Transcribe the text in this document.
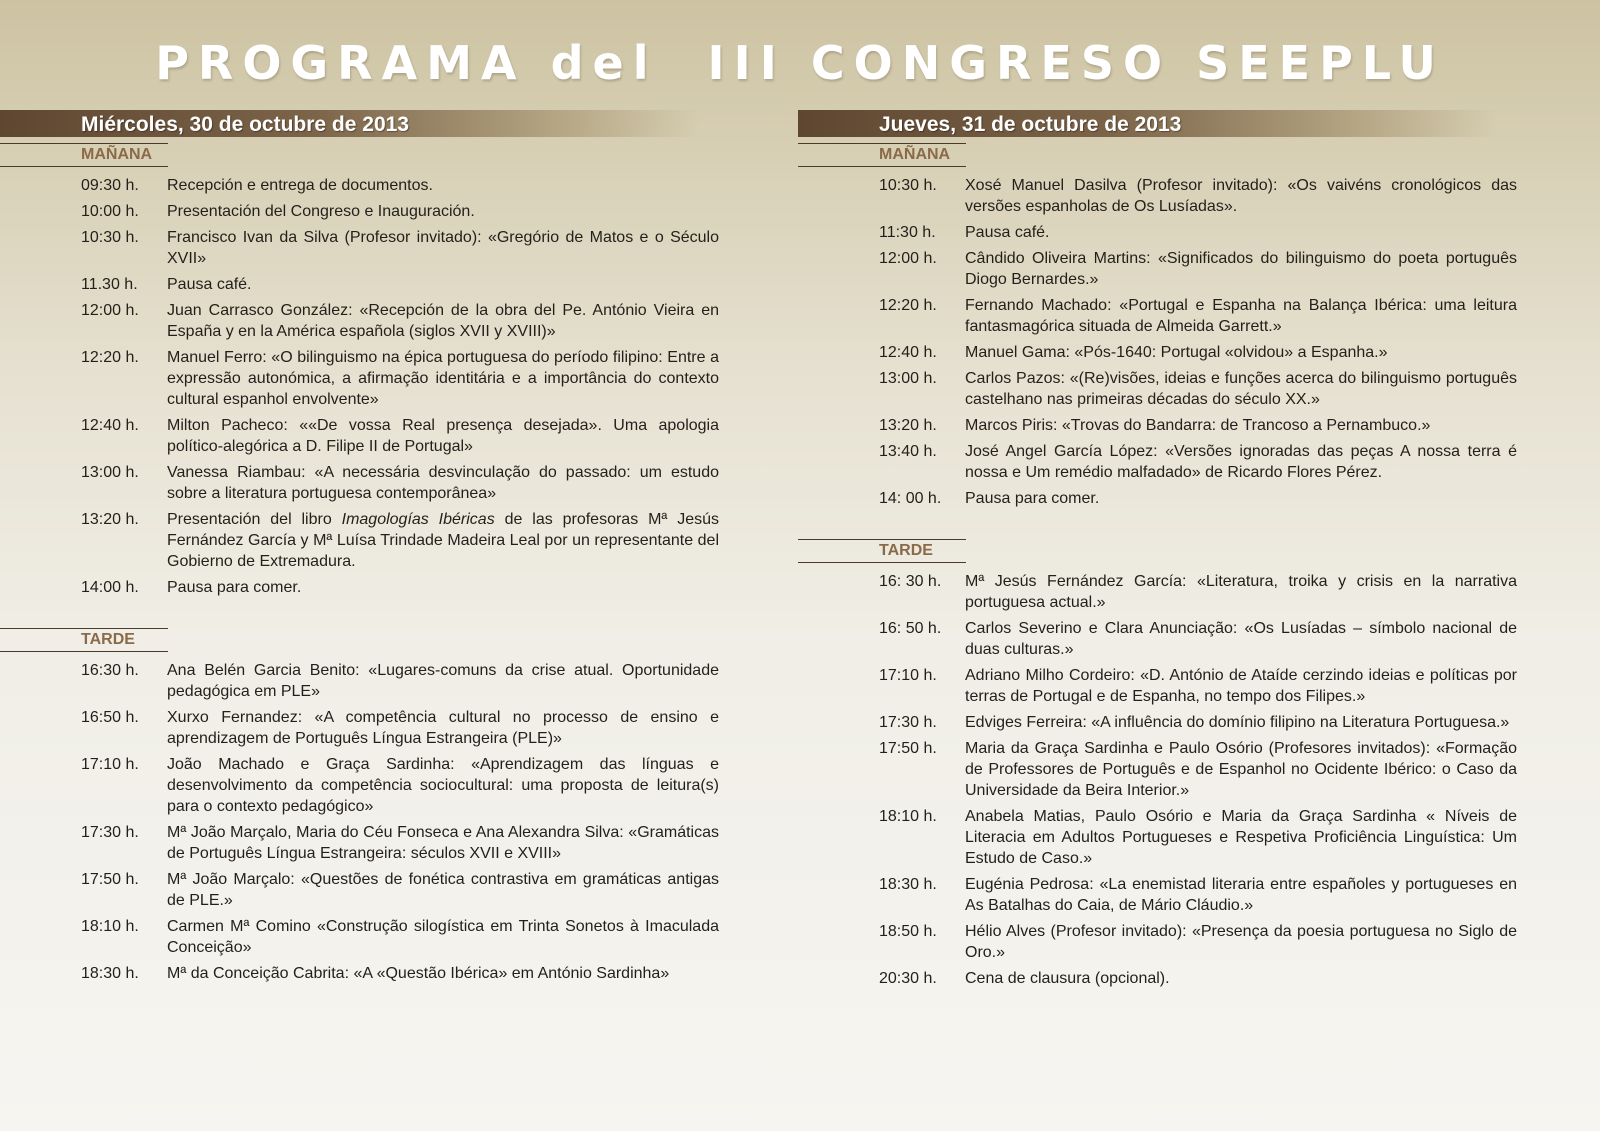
PROGRAMA del  III CONGRESO SEEPLU
Miércoles, 30 de octubre de 2013
MAÑANA
09:30 h.	Recepción e entrega de documentos.
10:00 h.	Presentación del Congreso e Inauguración.
10:30 h.	Francisco Ivan da Silva (Profesor invitado): «Gregório de Matos e o Século XVII»
11.30 h.	Pausa café.
12:00 h.	Juan Carrasco González: «Recepción de la obra del Pe. António Vieira en España y en la América española (siglos XVII y XVIII)»
12:20 h.	Manuel Ferro: «O bilinguismo na épica portuguesa do período filipino: Entre a expressão autonómica, a afirmação identitária e a importância do contexto cultural espanhol envolvente»
12:40 h.	Milton Pacheco: ««De vossa Real presença desejada». Uma apologia político-alegórica a D. Filipe II de Portugal»
13:00 h.	Vanessa Riambau: «A necessária desvinculação do passado: um estudo sobre a literatura portuguesa contemporânea»
13:20 h.	Presentación del libro Imagologías Ibéricas de las profesoras Mª Jesús Fernández García y Mª Luísa Trindade Madeira Leal por un representante del Gobierno de Extremadura.
14:00 h.	Pausa para comer.
TARDE
16:30 h.	Ana Belén Garcia Benito: «Lugares-comuns da crise atual. Oportunidade pedagógica em PLE»
16:50 h.	Xurxo Fernandez: «A competência cultural no processo de ensino e aprendizagem de Português Língua Estrangeira (PLE)»
17:10 h.	João Machado e Graça Sardinha: «Aprendizagem das línguas e desenvolvimento da competência sociocultural: uma proposta de leitura(s) para o contexto pedagógico»
17:30 h.	Mª João Marçalo, Maria do Céu Fonseca e Ana Alexandra Silva: «Gramáticas de Português Língua Estrangeira: séculos XVII e XVIII»
17:50 h.	Mª João Marçalo: «Questões de fonética contrastiva em gramáticas antigas de PLE.»
18:10 h.	Carmen Mª Comino «Construção silogística em Trinta Sonetos à Imaculada Conceição»
18:30 h.	Mª da Conceição Cabrita: «A «Questão Ibérica» em António Sardinha»
Jueves, 31 de octubre de 2013
MAÑANA
10:30 h.	Xosé Manuel Dasilva (Profesor invitado): «Os vaivéns cronológicos das versões espanholas de Os Lusíadas».
11:30 h.	Pausa café.
12:00 h.	Cândido Oliveira Martins: «Significados do bilinguismo do poeta português Diogo Bernardes.»
12:20 h.	Fernando Machado: «Portugal e Espanha na Balança Ibérica: uma leitura fantasmagórica situada de Almeida Garrett.»
12:40 h.	Manuel Gama: «Pós-1640: Portugal «olvidou» a Espanha.»
13:00 h.	Carlos Pazos: «(Re)visões, ideias e funções acerca do bilinguismo português castelhano nas primeiras décadas do século XX.»
13:20 h.	Marcos Piris: «Trovas do Bandarra: de Trancoso a Pernambuco.»
13:40 h.	José Angel García López: «Versões ignoradas das peças A nossa terra é nossa e Um remédio malfadado» de Ricardo Flores Pérez.
14: 00 h.	Pausa para comer.
TARDE
16: 30 h.	Mª Jesús Fernández García: «Literatura, troika y crisis en la narrativa portuguesa actual.»
16: 50 h.	Carlos Severino e Clara Anunciação: «Os Lusíadas – símbolo nacional de duas culturas.»
17:10 h.	Adriano Milho Cordeiro: «D. António de Ataíde cerzindo ideias e políticas por terras de Portugal e de Espanha, no tempo dos Filipes.»
17:30 h.	Edviges Ferreira: «A influência do domínio filipino na Literatura Portuguesa.»
17:50 h.	Maria da Graça Sardinha e Paulo Osório (Profesores invitados): «Formação de Professores de Português e de Espanhol no Ocidente Ibérico: o Caso da Universidade da Beira Interior.»
18:10 h.	Anabela Matias, Paulo Osório e Maria da Graça Sardinha « Níveis de Literacia em Adultos Portugueses e Respetiva Proficiência Linguística: Um Estudo de Caso.»
18:30 h.	Eugénia Pedrosa: «La enemistad literaria entre españoles y portugueses en As Batalhas do Caia, de Mário Cláudio.»
18:50 h.	Hélio Alves (Profesor invitado): «Presença da poesia portuguesa no Siglo de Oro.»
20:30 h.	Cena de clausura (opcional).
